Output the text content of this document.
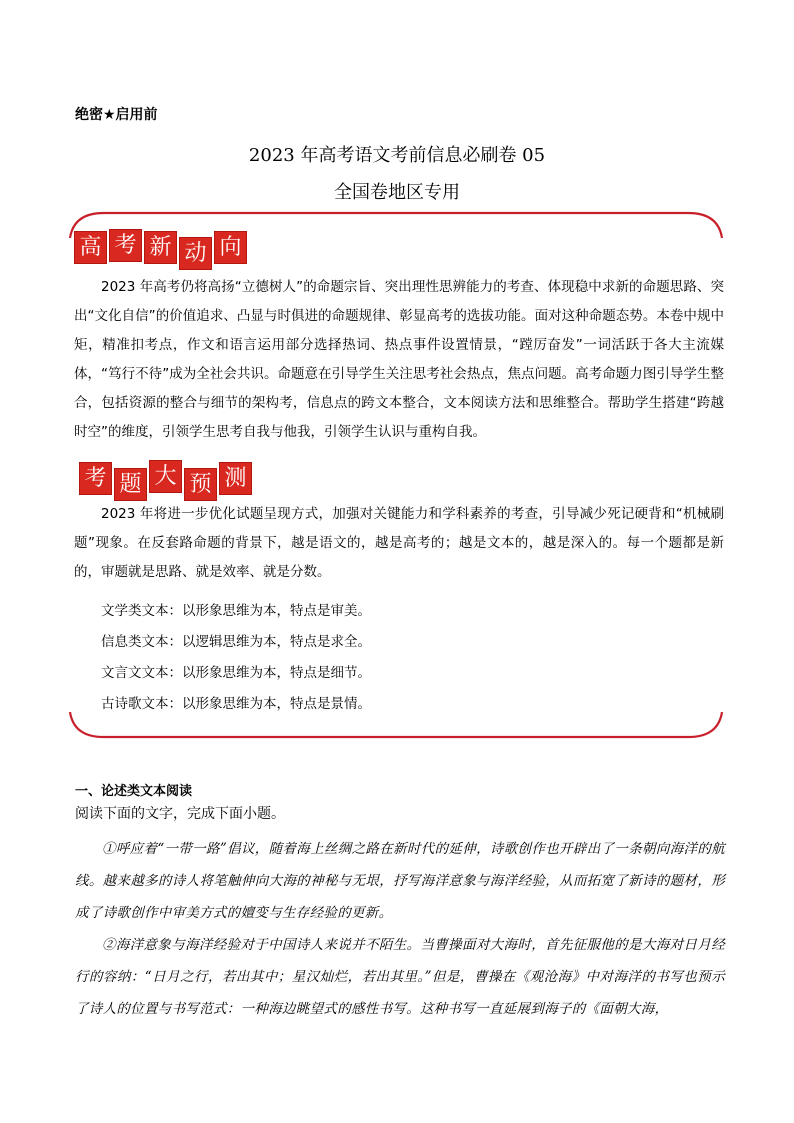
绝密★启用前
2023 年高考语文考前信息必刷卷 05
全国卷地区专用
高 考 新 动 向
2023 年高考仍将高扬“立德树人”的命题宗旨、突出理性思辨能力的考查、体现稳中求新的命题思路、突出“文化自信”的价值追求、凸显与时俱进的命题规律、彰显高考的选拔功能。面对这种命题态势。本卷中规中矩，精准扣考点，作文和语言运用部分选择热词、热点事件设置情景，“蹚厉奋发”一词活跃于各大主流媒体，“笃行不待”成为全社会共识。命题意在引导学生关注思考社会热点，焦点问题。高考命题力图引导学生整合，包括资源的整合与细节的架构考，信息点的跨文本整合，文本阅读方法和思维整合。帮助学生搭建“跨越时空”的维度，引领学生思考自我与他我，引领学生认识与重构自我。
考 题 大 预 测
2023 年将进一步优化试题呈现方式，加强对关键能力和学科素养的考查，引导减少死记硬背和“机械刷题”现象。在反套路命题的背景下，越是语文的，越是高考的；越是文本的，越是深入的。每一个题都是新的，审题就是思路、就是效率、就是分数。
文学类文本：以形象思维为本，特点是审美。
信息类文本：以逻辑思维为本，特点是求全。
文言文文本：以形象思维为本，特点是细节。
古诗歌文本：以形象思维为本，特点是景情。
一、论述类文本阅读
阅读下面的文字，完成下面小题。
①呼应着“一带一路”倡议，随着海上丝绸之路在新时代的延伸，诗歌创作也开辟出了一条朝向海洋的航线。越来越多的诗人将笔触伸向大海的神秘与无垠，抒写海洋意象与海洋经验，从而拓宽了新诗的题材，形成了诗歌创作中审美方式的嬗变与生存经验的更新。
②海洋意象与海洋经验对于中国诗人来说并不陌生。当曹操面对大海时，首先征服他的是大海对日月经行的容纳：“日月之行，若出其中；星汉灿烂，若出其里。”但是，曹操在《观沧海》中对海洋的书写也预示了诗人的位置与书写范式：一种海边眺望式的感性书写。这种书写一直延展到海子的《面朝大海，
